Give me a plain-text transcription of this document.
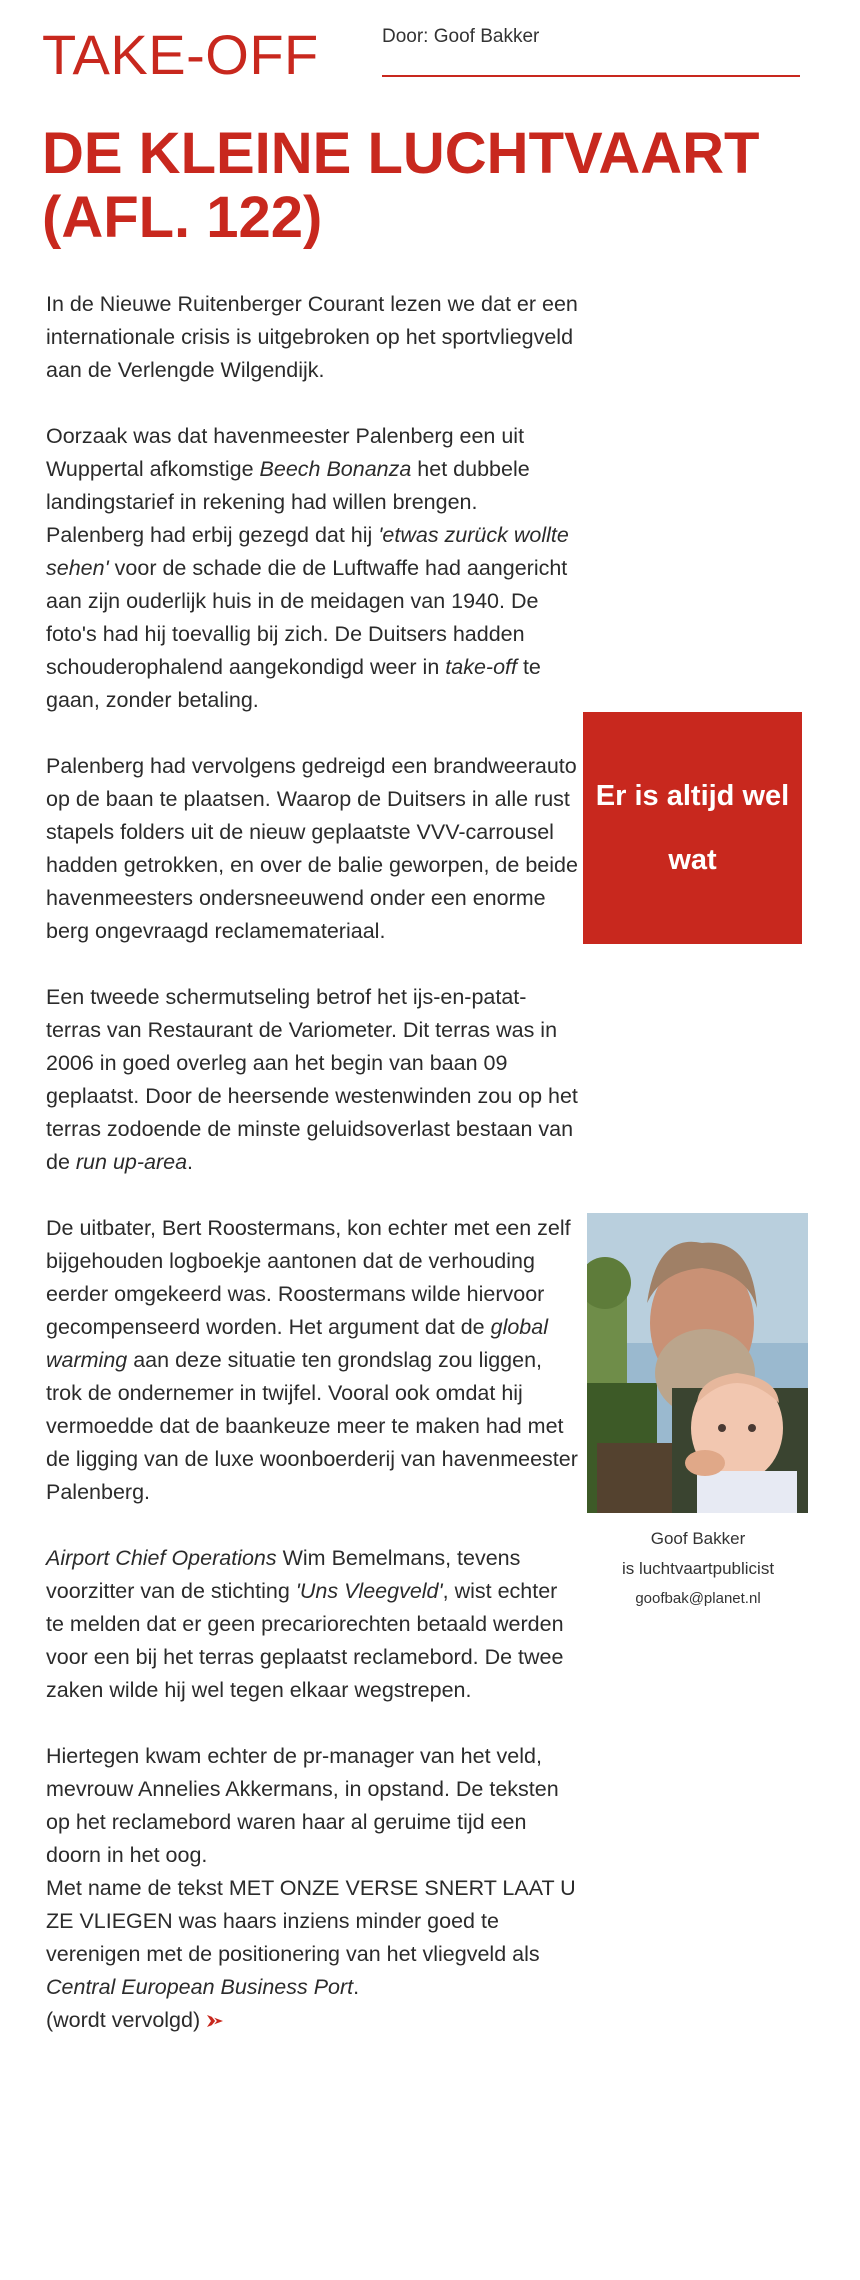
TAKE-OFF	Door: Goof Bakker
DE KLEINE LUCHTVAART
(AFL. 122)

In de Nieuwe Ruitenberger Courant lezen we dat er een internationale crisis is uitgebroken op het sportvliegveld aan de Verlengde Wilgendijk.

Oorzaak was dat havenmeester Palenberg een uit Wuppertal afkomstige Beech Bonanza het dubbele landingstarief in rekening had willen brengen. Palenberg had erbij gezegd dat hij 'etwas zurück wollte sehen' voor de schade die de Luftwaffe had aangericht aan zijn ouderlijk huis in de meidagen van 1940. De foto's had hij toevallig bij zich. De Duitsers hadden schouderophalend aangekondigd weer in take-off te gaan, zonder betaling.

Palenberg had vervolgens gedreigd een brandweerauto op de baan te plaatsen. Waarop de Duitsers in alle rust stapels folders uit de nieuw geplaatste VVV-carrousel hadden getrokken, en over de balie geworpen, de beide havenmeesters ondersneeuwend onder een enorme berg ongevraagd reclamemateriaal.

Een tweede schermutseling betrof het ijs-en-patat-terras van Restaurant de Variometer. Dit terras was in 2006 in goed overleg aan het begin van baan 09 geplaatst. Door de heersende westenwinden zou op het terras zodoende de minste geluidsoverlast bestaan van de run up-area.

De uitbater, Bert Roostermans, kon echter met een zelf bijgehouden logboekje aantonen dat de verhouding eerder omgekeerd was. Roostermans wilde hiervoor gecompenseerd worden. Het argument dat de global warming aan deze situatie ten grondslag zou liggen, trok de ondernemer in twijfel. Vooral ook omdat hij vermoedde dat de baankeuze meer te maken had met de ligging van de luxe woonboerderij van havenmeester Palenberg.

Airport Chief Operations Wim Bemelmans, tevens voorzitter van de stichting 'Uns Vleegveld', wist echter te melden dat er geen precariorechten betaald werden voor een bij het terras geplaatst reclamebord. De twee zaken wilde hij wel tegen elkaar wegstrepen.

Hiertegen kwam echter de pr-manager van het veld, mevrouw Annelies Akkermans, in opstand. De teksten op het reclamebord waren haar al geruime tijd een doorn in het oog.

Met name de tekst MET ONZE VERSE SNERT LAAT U ZE VLIEGEN was haars inziens minder goed te verenigen met de positionering van het vliegveld als Central European Business Port.
(wordt vervolgd)

Er is altijd wel wat
Goof Bakker
is luchtvaartpublicist
goofbak@planet.nl
